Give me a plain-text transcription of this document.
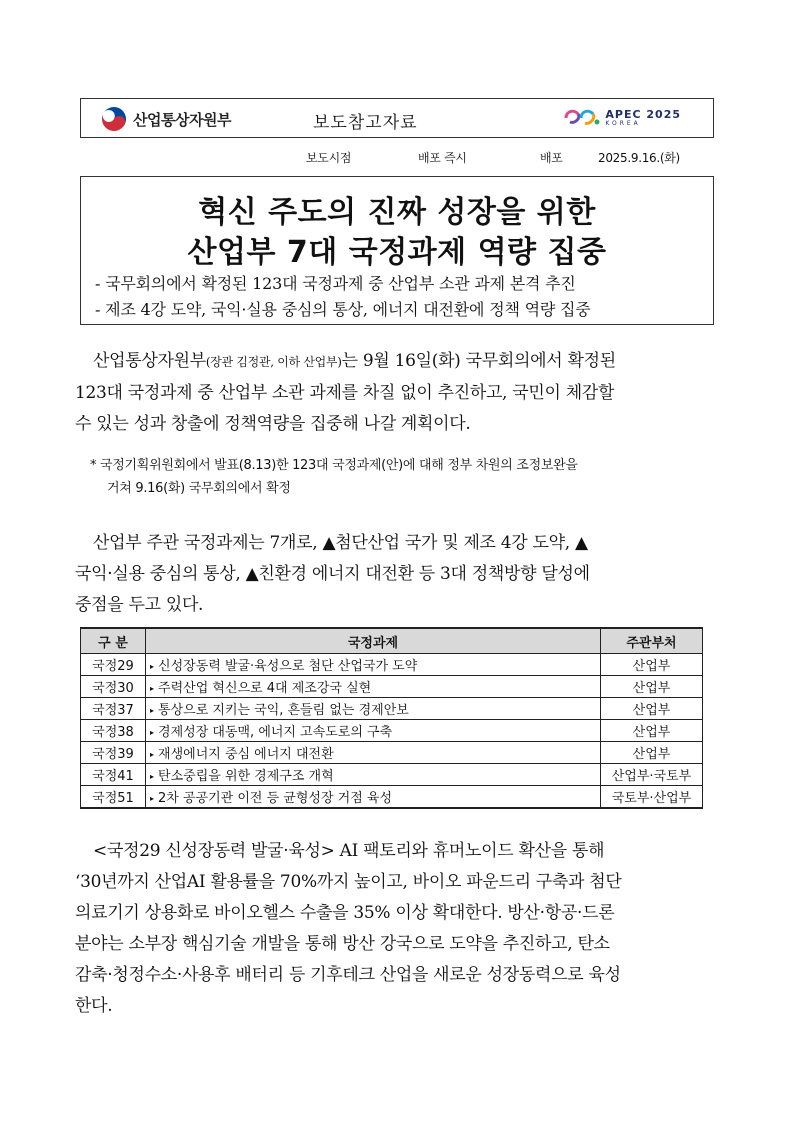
산업통상자원부	보도참고자료	APEC 2025
KOREA
보도시점	배포 즉시	배포	2025.9.16.(화)
혁신 주도의 진짜 성장을 위한
산업부 7대 국정과제 역량 집중
- 국무회의에서 확정된 123대 국정과제 중 산업부 소관 과제 본격 추진
- 제조 4강 도약, 국익·실용 중심의 통상, 에너지 대전환에 정책 역량 집중
산업통상자원부(장관 김정관, 이하 산업부)는 9월 16일(화) 국무회의에서 확정된
123대 국정과제 중 산업부 소관 과제를 차질 없이 추진하고, 국민이 체감할
수 있는 성과 창출에 정책역량을 집중해 나갈 계획이다.
* 국정기획위원회에서 발표(8.13)한 123대 국정과제(안)에 대해 정부 차원의 조정보완을
거쳐 9.16(화) 국무회의에서 확정
산업부 주관 국정과제는 7개로, ▲첨단산업 국가 및 제조 4강 도약, ▲
국익·실용 중심의 통상, ▲친환경 에너지 대전환 등 3대 정책방향 달성에
중점을 두고 있다.
구 분	국정과제	주관부처
국정29	▸ 신성장동력 발굴·육성으로 첨단 산업국가 도약	산업부
국정30	▸ 주력산업 혁신으로 4대 제조강국 실현	산업부
국정37	▸ 통상으로 지키는 국익, 흔들림 없는 경제안보	산업부
국정38	▸ 경제성장 대동맥, 에너지 고속도로의 구축	산업부
국정39	▸ 재생에너지 중심 에너지 대전환	산업부
국정41	▸ 탄소중립을 위한 경제구조 개혁	산업부·국토부
국정51	▸ 2차 공공기관 이전 등 균형성장 거점 육성	국토부·산업부
<국정29 신성장동력 발굴·육성> AI 팩토리와 휴머노이드 확산을 통해
‘30년까지 산업AI 활용률을 70%까지 높이고, 바이오 파운드리 구축과 첨단
의료기기 상용화로 바이오헬스 수출을 35% 이상 확대한다. 방산·항공·드론
분야는 소부장 핵심기술 개발을 통해 방산 강국으로 도약을 추진하고, 탄소
감축·청정수소·사용후 배터리 등 기후테크 산업을 새로운 성장동력으로 육성
한다.
